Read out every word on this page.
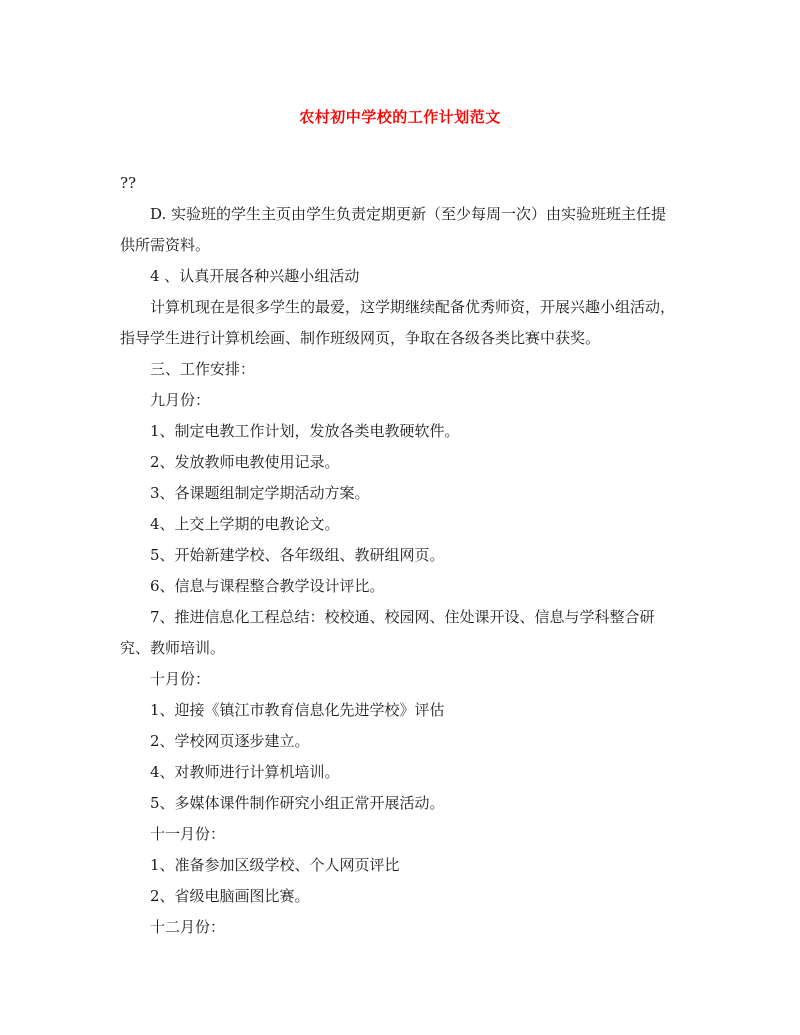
农村初中学校的工作计划范文

??

D. 实验班的学生主页由学生负责定期更新（至少每周一次）由实验班班主任提供所需资料。

4 、认真开展各种兴趣小组活动

计算机现在是很多学生的最爱，这学期继续配备优秀师资，开展兴趣小组活动，指导学生进行计算机绘画、制作班级网页，争取在各级各类比赛中获奖。

三、工作安排：

九月份：

1、制定电教工作计划，发放各类电教硬软件。

2、发放教师电教使用记录。

3、各课题组制定学期活动方案。

4、上交上学期的电教论文。

5、开始新建学校、各年级组、教研组网页。

6、信息与课程整合教学设计评比。

7、推进信息化工程总结：校校通、校园网、住处课开设、信息与学科整合研究、教师培训。

十月份：

1、迎接《镇江市教育信息化先进学校》评估

2、学校网页逐步建立。

4、对教师进行计算机培训。

5、多媒体课件制作研究小组正常开展活动。

十一月份：

1、准备参加区级学校、个人网页评比

2、省级电脑画图比赛。

十二月份：
